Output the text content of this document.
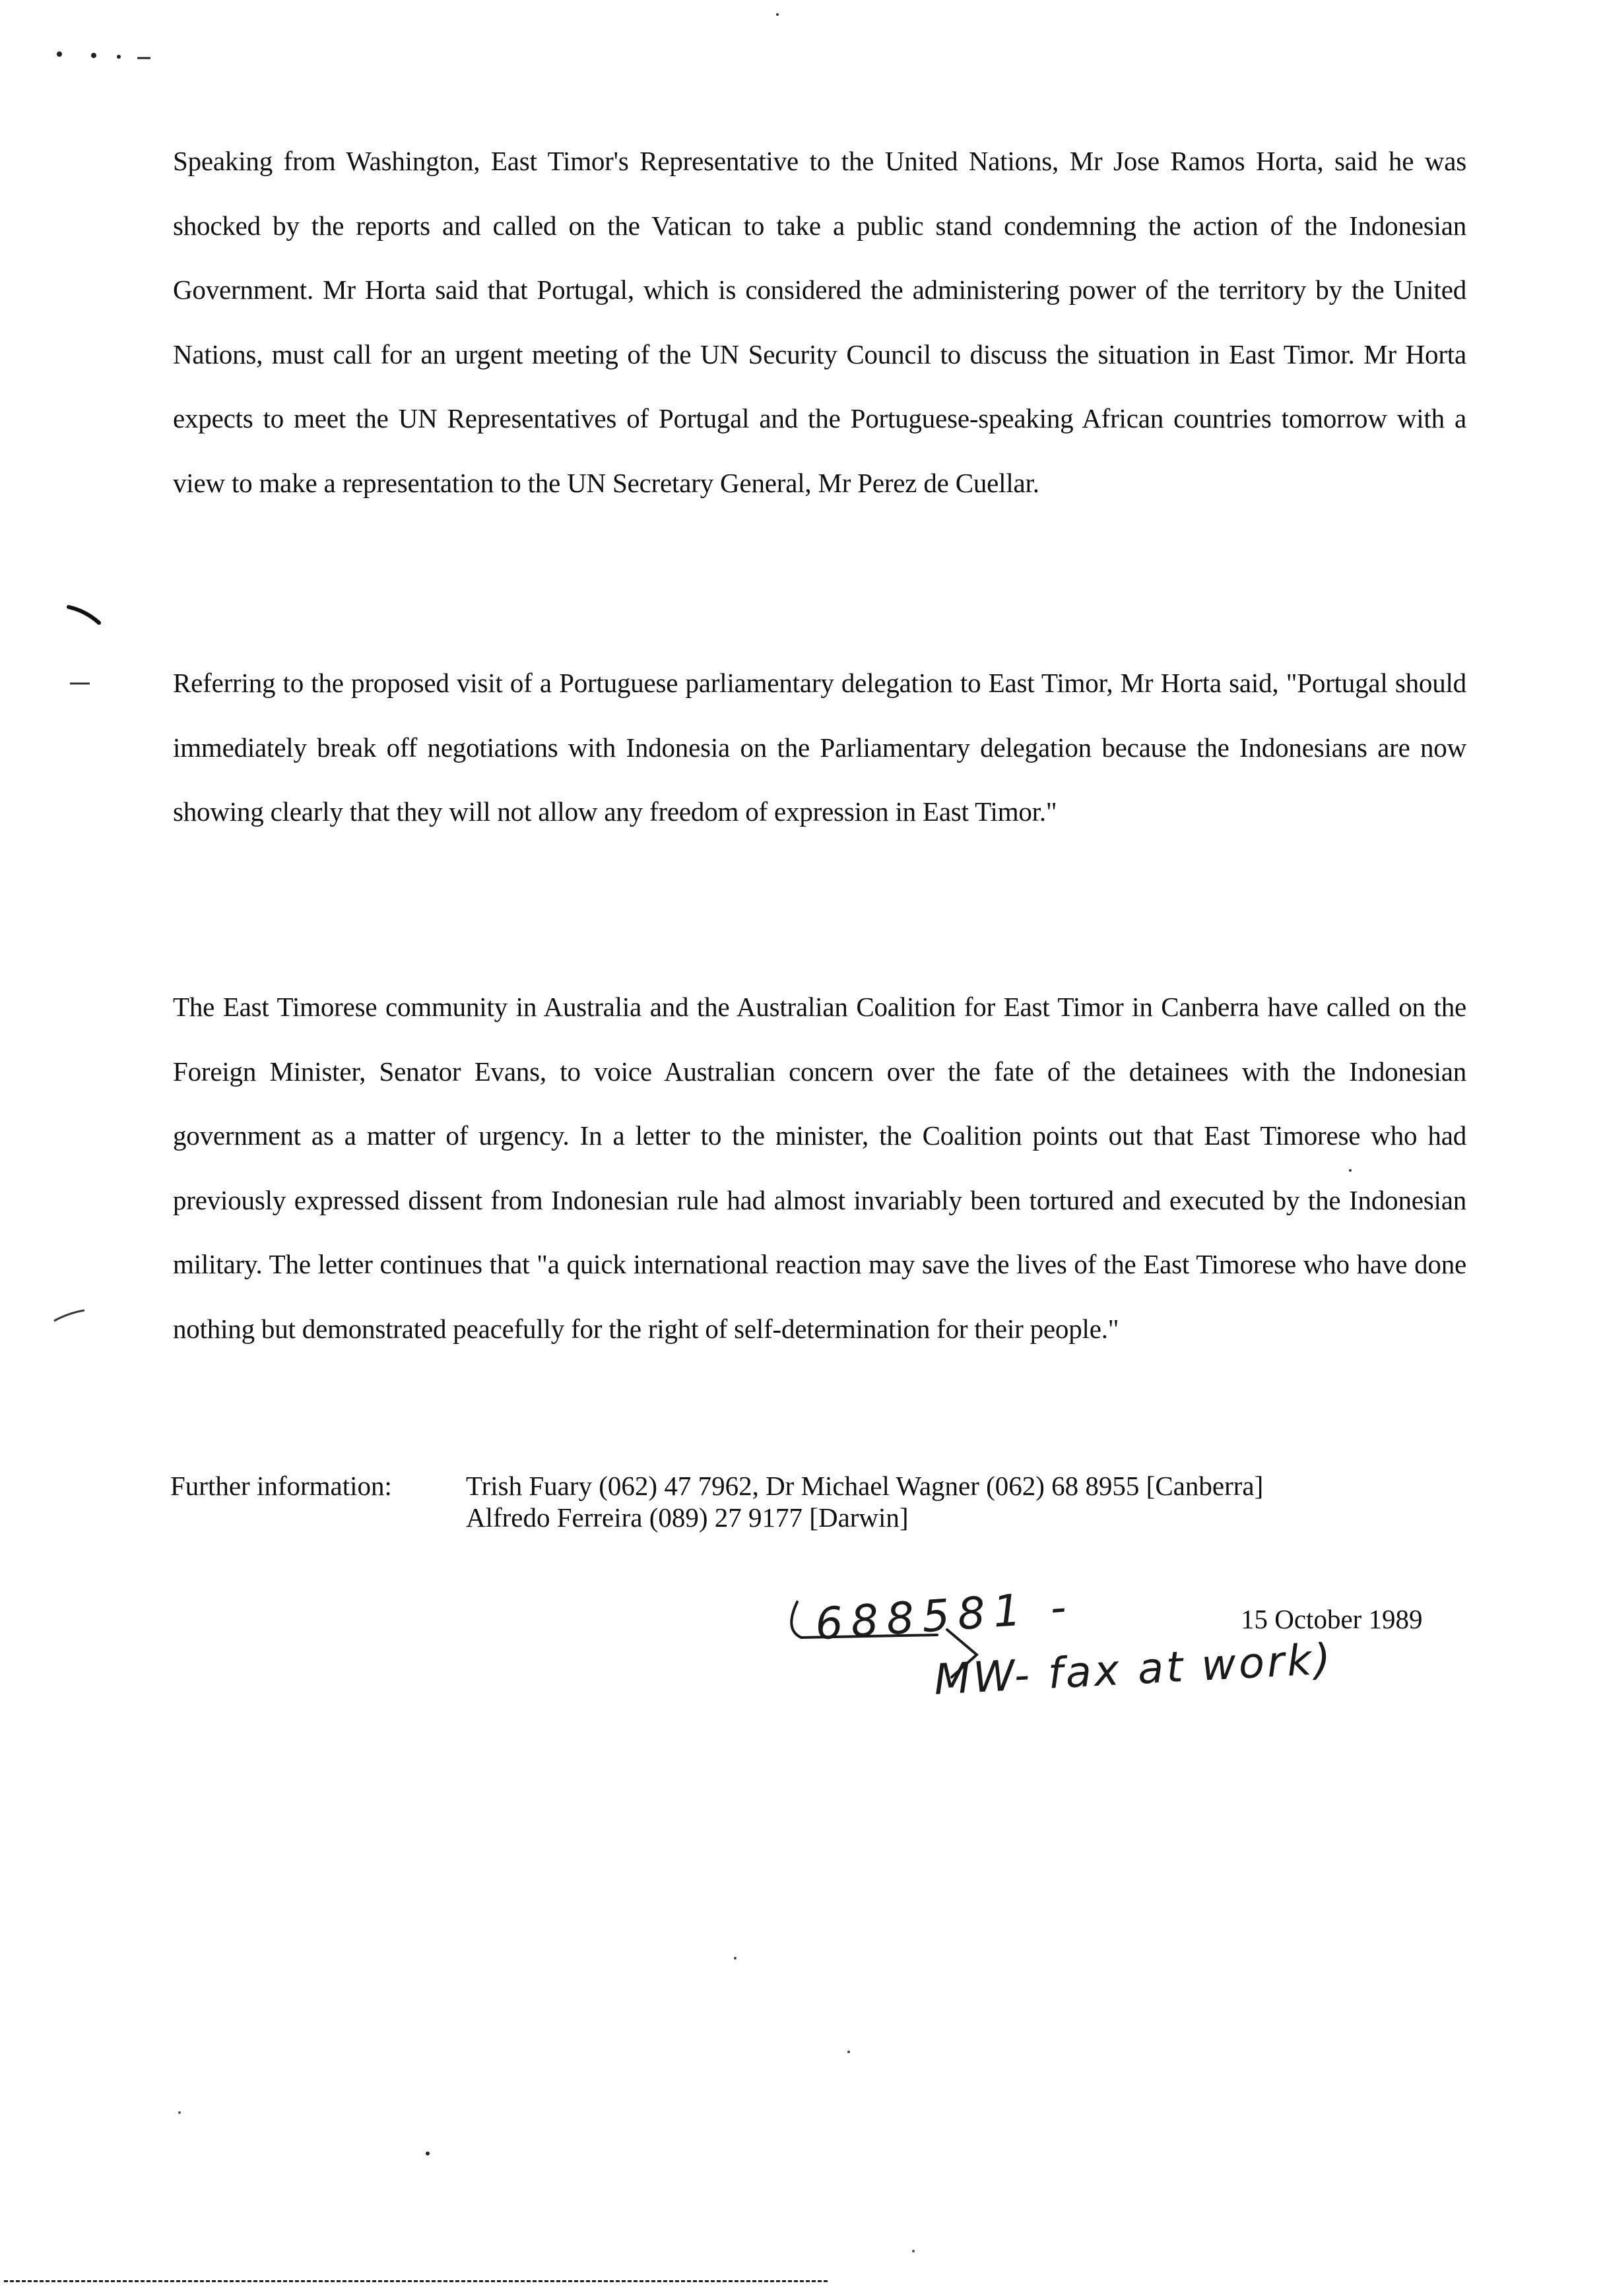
Speaking from Washington, East Timor's Representative to the United Nations, Mr Jose Ramos Horta, said he was shocked by the reports and called on the Vatican to take a public stand condemning the action of the Indonesian Government. Mr Horta said that Portugal, which is considered the administering power of the territory by the United Nations, must call for an urgent meeting of the UN Security Council to discuss the situation in East Timor. Mr Horta expects to meet the UN Representatives of Portugal and the Portuguese-speaking African countries tomorrow with a view to make a representation to the UN Secretary General, Mr Perez de Cuellar.

Referring to the proposed visit of a Portuguese parliamentary delegation to East Timor, Mr Horta said, "Portugal should immediately break off negotiations with Indonesia on the Parliamentary delegation because the Indonesians are now showing clearly that they will not allow any freedom of expression in East Timor."

The East Timorese community in Australia and the Australian Coalition for East Timor in Canberra have called on the Foreign Minister, Senator Evans, to voice Australian concern over the fate of the detainees with the Indonesian government as a matter of urgency. In a letter to the minister, the Coalition points out that East Timorese who had previously expressed dissent from Indonesian rule had almost invariably been tortured and executed by the Indonesian military. The letter continues that "a quick international reaction may save the lives of the East Timorese who have done nothing but demonstrated peacefully for the right of self-determination for their people."

Further information:	Trish Fuary (062) 47 7962, Dr Michael Wagner (062) 68 8955 [Canberra]
Alfredo Ferreira (089) 27 9177 [Darwin]
15 October 1989
688581 -
MW- fax at work)
